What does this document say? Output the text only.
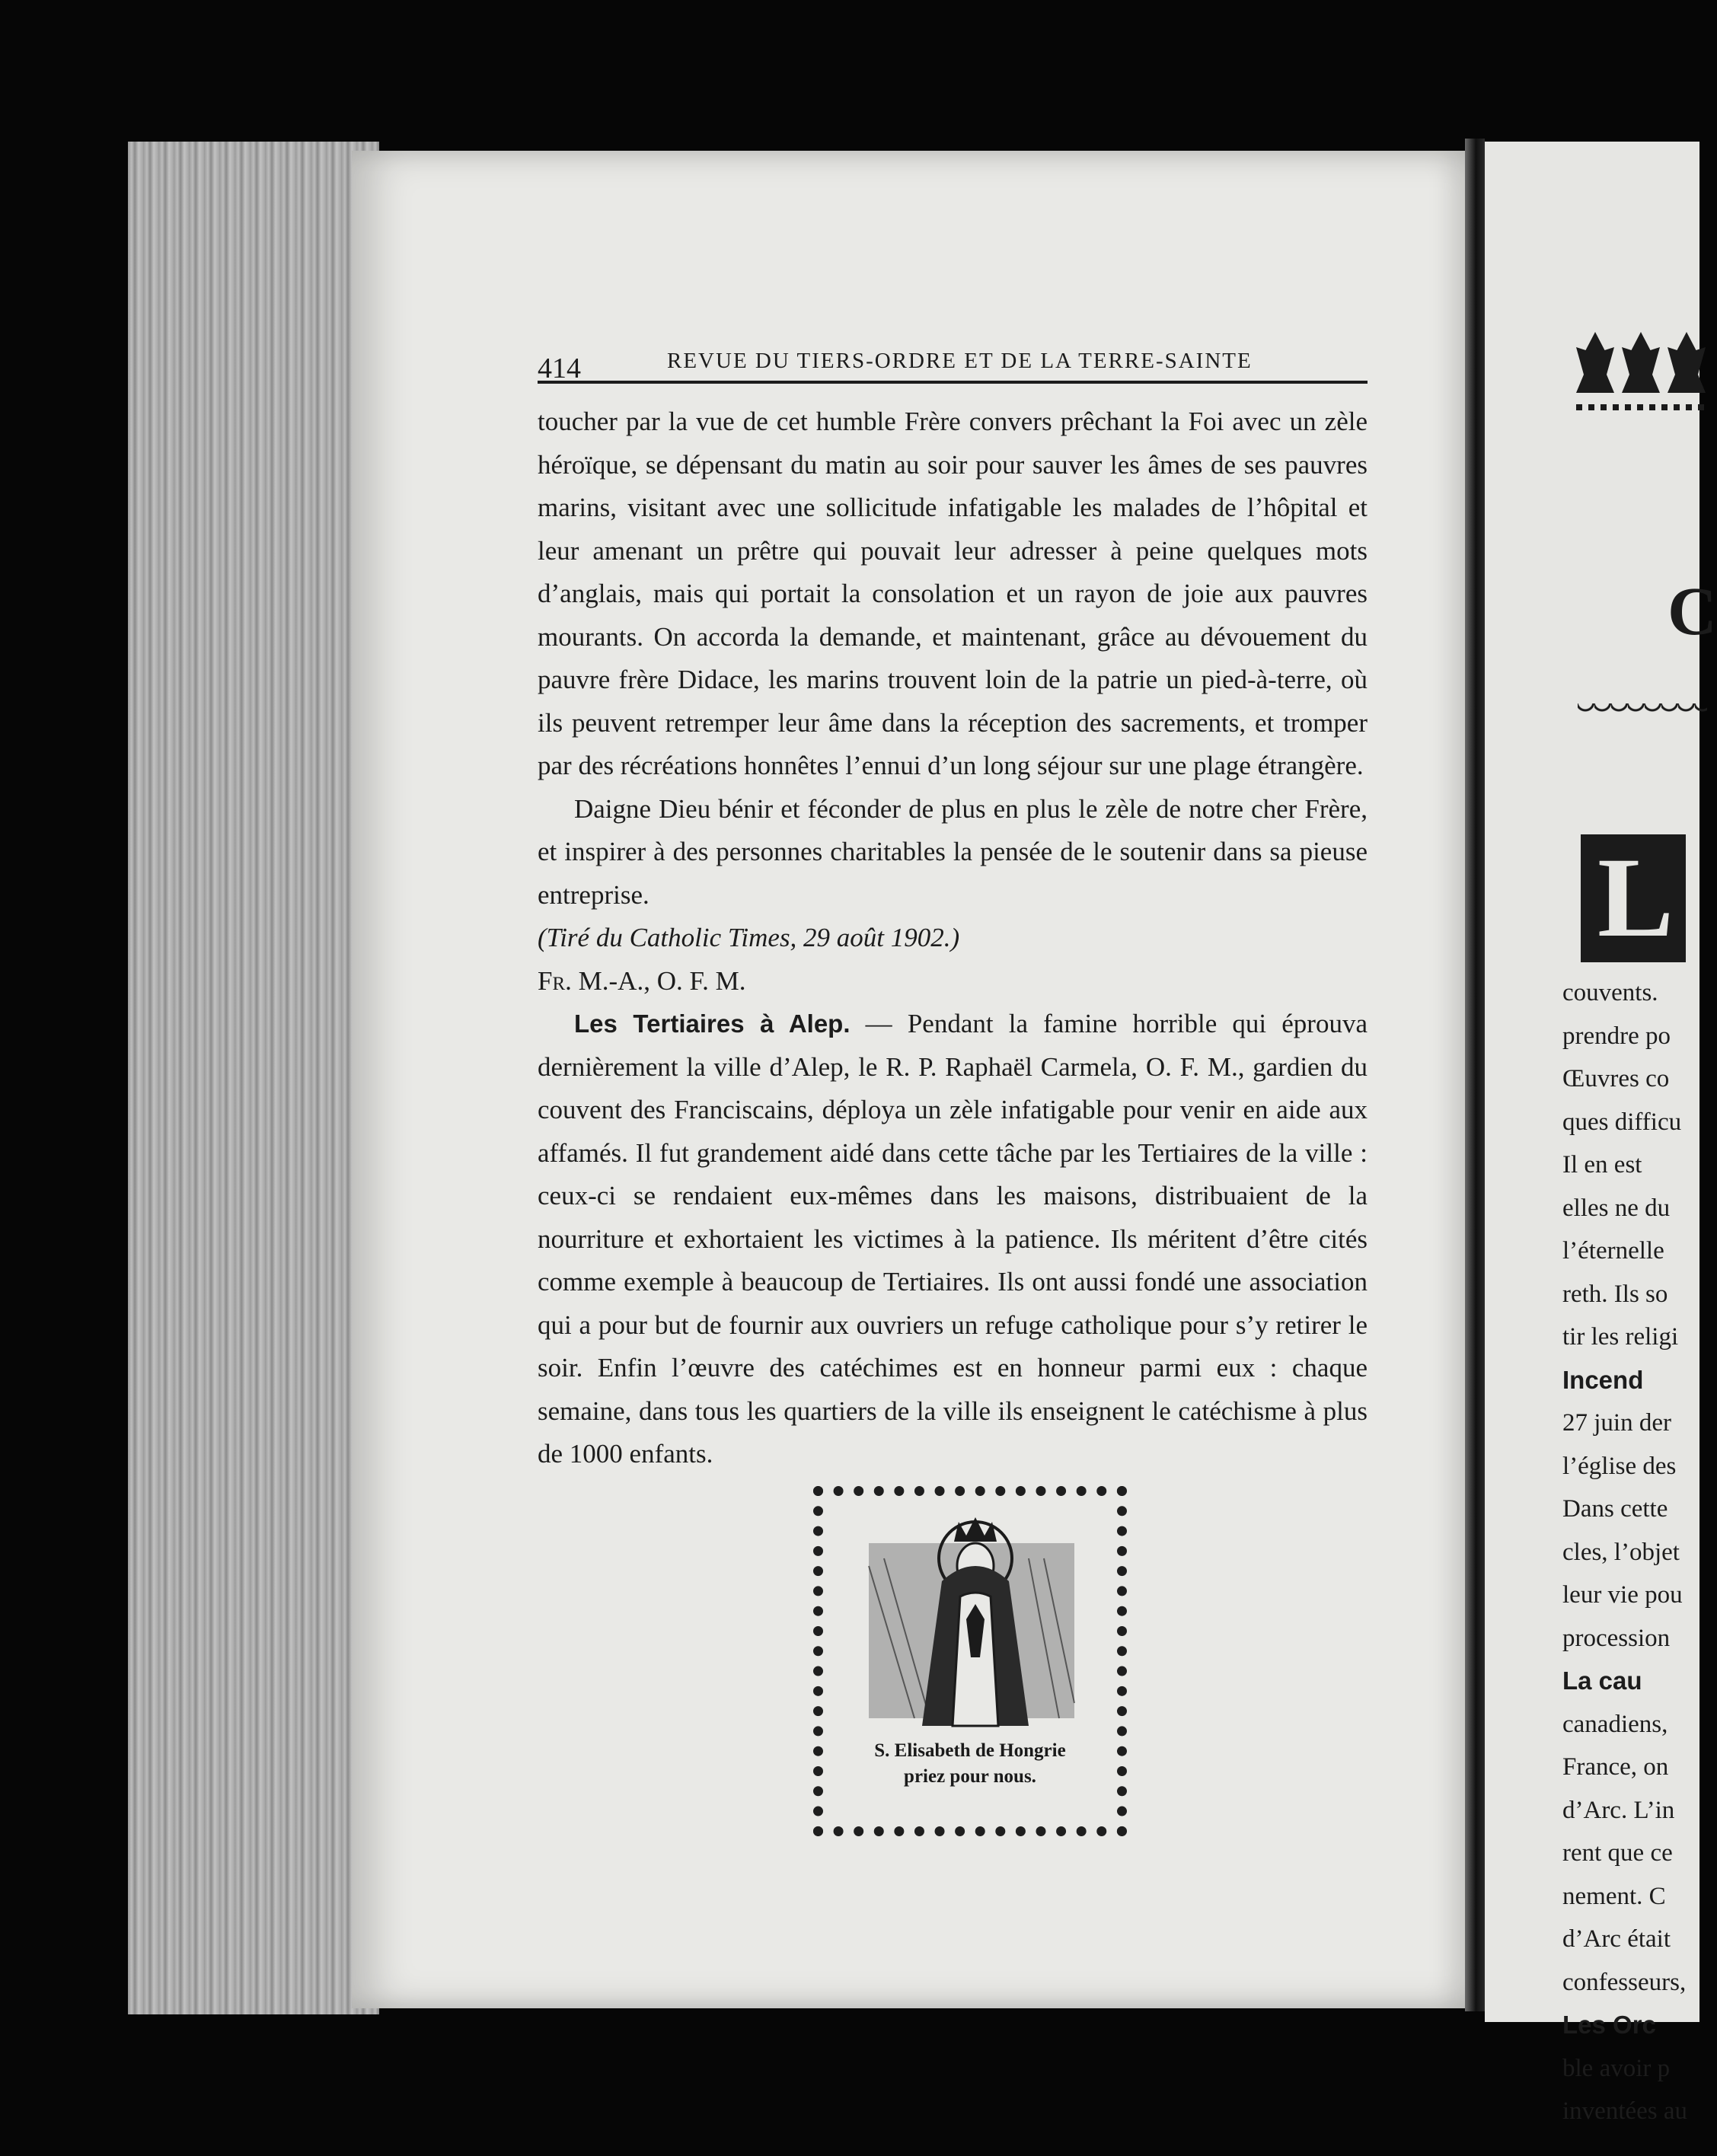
414	REVUE DU TIERS-ORDRE ET DE LA TERRE-SAINTE

toucher par la vue de cet humble Frère convers prêchant la Foi avec un zèle héroïque, se dépensant du matin au soir pour sauver les âmes de ses pauvres marins, visitant avec une sollicitude infatigable les malades de l’hôpital et leur amenant un prêtre qui pouvait leur adresser à peine quelques mots d’anglais, mais qui portait la consolation et un rayon de joie aux pauvres mourants. On accorda la demande, et maintenant, grâce au dévouement du pauvre frère Didace, les marins trouvent loin de la patrie un pied-à-terre, où ils peuvent retremper leur âme dans la réception des sacrements, et tromper par des récréations honnêtes l’ennui d’un long séjour sur une plage étrangère.

Daigne Dieu bénir et féconder de plus en plus le zèle de notre cher Frère, et inspirer à des personnes charitables la pensée de le soutenir dans sa pieuse entreprise.

(Tiré du Catholic Times, 29 août 1902.)

Fr. M.-A., O. F. M.

Les Tertiaires à Alep. — Pendant la famine horrible qui éprouva dernièrement la ville d’Alep, le R. P. Raphaël Carmela, O. F. M., gardien du couvent des Franciscains, déploya un zèle infatigable pour venir en aide aux affamés. Il fut grandement aidé dans cette tâche par les Tertiaires de la ville : ceux-ci se rendaient eux-mêmes dans les maisons, distribuaient de la nourriture et exhortaient les victimes à la patience. Ils méritent d’être cités comme exemple à beaucoup de Tertiaires. Ils ont aussi fondé une association qui a pour but de fournir aux ouvriers un refuge catholique pour s’y retirer le soir. Enfin l’œuvre des catéchimes est en honneur parmi eux : chaque semaine, dans tous les quartiers de la ville ils enseignent le catéchisme à plus de 1000 enfants.

S. Elisabeth de Hongrie
priez pour nous.
C
L
couvents.
prendre po
Œuvres co
ques difficu
Il en est
elles ne du
l’éternelle
reth. Ils so
tir les religi
Incend
27 juin der
l’église des
Dans cette
cles, l’objet
leur vie pou
procession
La cau
canadiens,
France, on
d’Arc. L’in
rent que ce
nement. C
d’Arc était
confesseurs,
Les Orc
ble avoir p
inventées au
